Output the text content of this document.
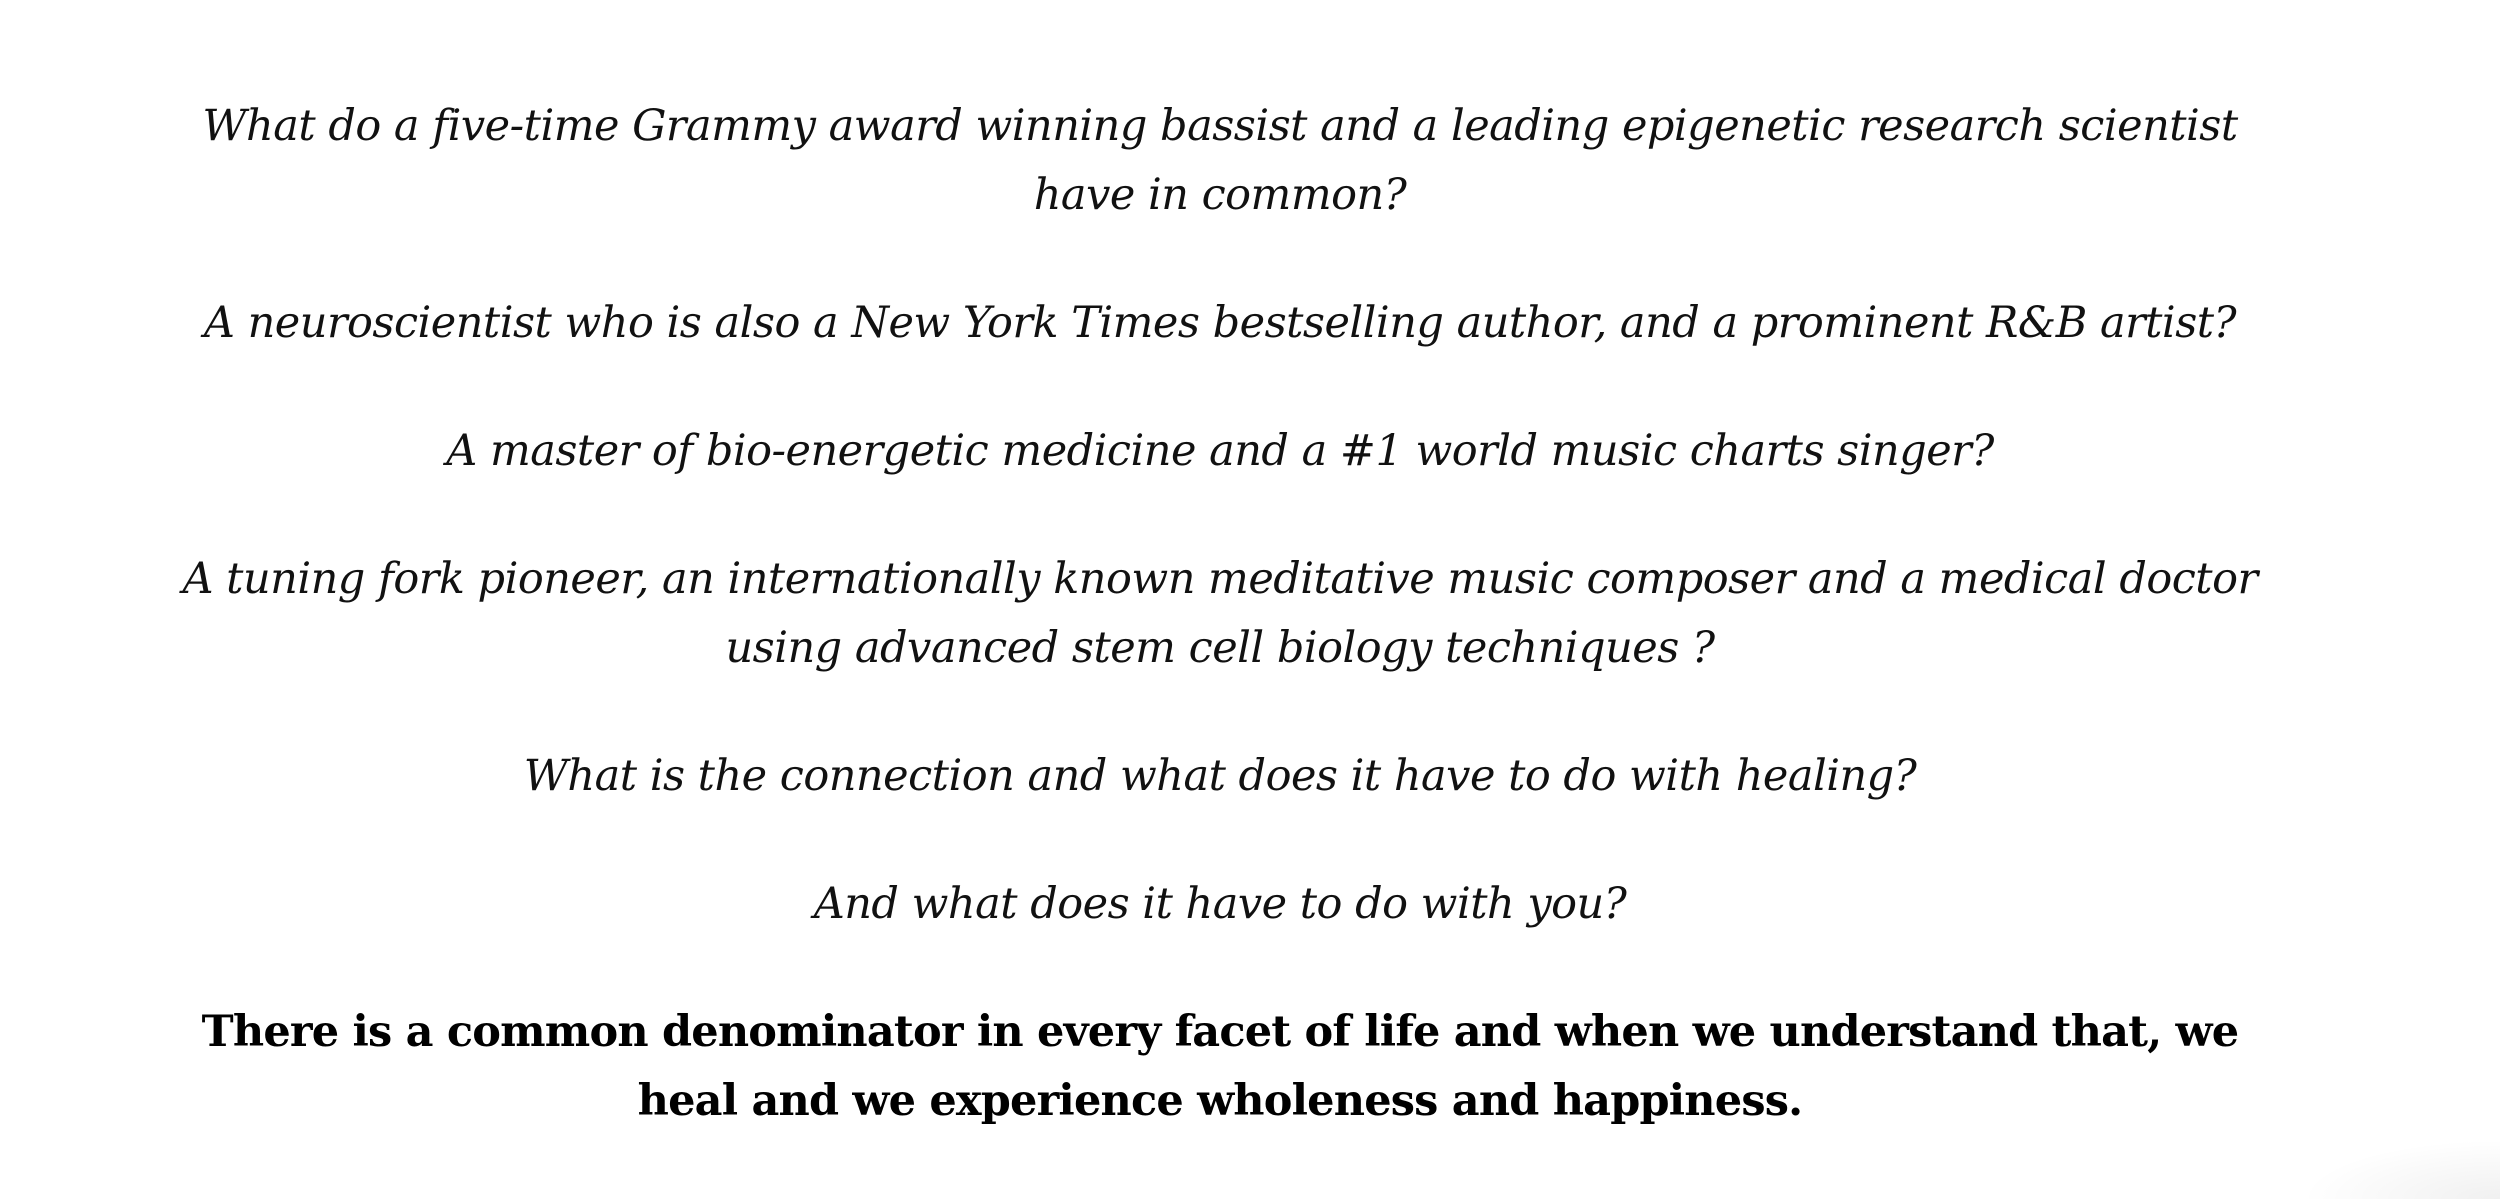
What do a five-time Grammy award winning bassist and a leading epigenetic research scientist have in common?

A neuroscientist who is also a New York Times bestselling author, and a prominent R&B artist?

A master of bio-energetic medicine and a #1 world music charts singer?

A tuning fork pioneer, an internationally known meditative music composer and a medical doctor using advanced stem cell biology techniques ?

What is the connection and what does it have to do with healing?

And what does it have to do with you?

There is a common denominator in every facet of life and when we understand that, we heal and we experience wholeness and happiness.
